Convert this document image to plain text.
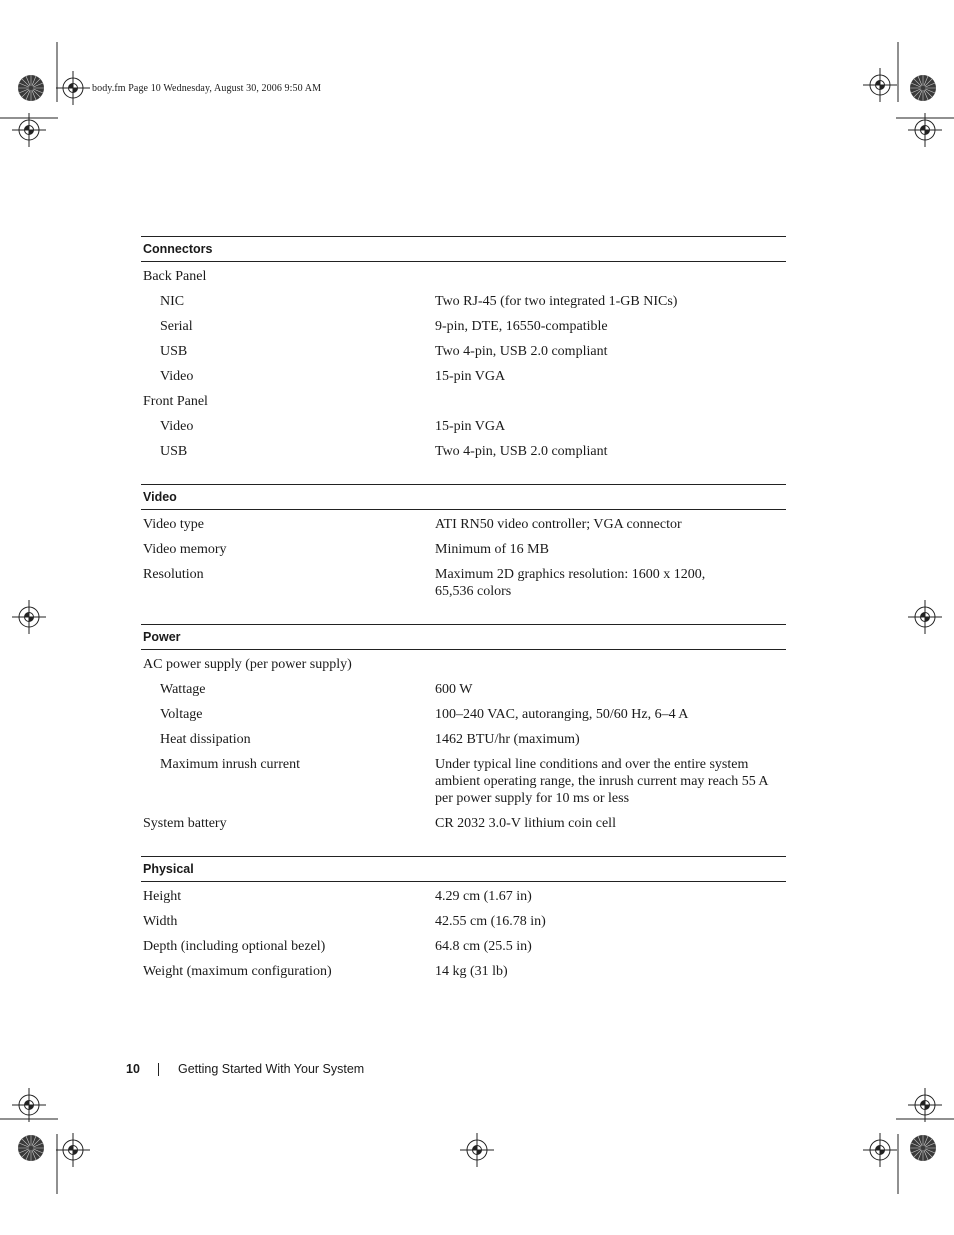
body.fm Page 10 Wednesday, August 30, 2006 9:50 AM
Connectors
Back Panel
NIC	Two RJ-45 (for two integrated 1-GB NICs)
Serial	9-pin, DTE, 16550-compatible
USB	Two 4-pin, USB 2.0 compliant
Video	15-pin VGA
Front Panel
Video	15-pin VGA
USB	Two 4-pin, USB 2.0 compliant
Video
Video type	ATI RN50 video controller; VGA connector
Video memory	Minimum of 16 MB
Resolution	Maximum 2D graphics resolution: 1600 x 1200,
65,536 colors
Power
AC power supply (per power supply)
Wattage	600 W
Voltage	100–240 VAC, autoranging, 50/60 Hz, 6–4 A
Heat dissipation	1462 BTU/hr (maximum)
Maximum inrush current	Under typical line conditions and over the entire system
ambient operating range, the inrush current may reach 55 A
per power supply for 10 ms or less
System battery	CR 2032 3.0-V lithium coin cell
Physical
Height	4.29 cm (1.67 in)
Width	42.55 cm (16.78 in)
Depth (including optional bezel)	64.8 cm (25.5 in)
Weight (maximum configuration)	14 kg (31 lb)
10	Getting Started With Your System
